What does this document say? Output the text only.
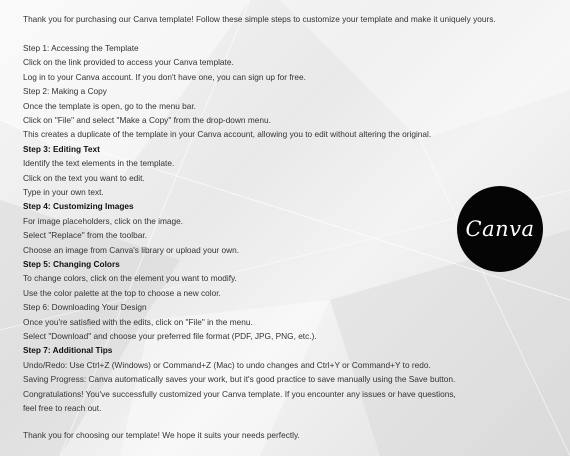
Thank you for purchasing our Canva template! Follow these simple steps to customize your template and make it uniquely yours.
Step 1: Accessing the Template
Click on the link provided to access your Canva template.
Log in to your Canva account. If you don't have one, you can sign up for free.
Step 2: Making a Copy
Once the template is open, go to the menu bar.
Click on "File" and select "Make a Copy" from the drop-down menu.
This creates a duplicate of the template in your Canva account, allowing you to edit without altering the original.
Step 3: Editing Text
Identify the text elements in the template.
Click on the text you want to edit.
Type in your own text.
Step 4: Customizing Images
For image placeholders, click on the image.
Select "Replace" from the toolbar.
Choose an image from Canva's library or upload your own.
Step 5: Changing Colors
To change colors, click on the element you want to modify.
Use the color palette at the top to choose a new color.
Step 6: Downloading Your Design
Once you're satisfied with the edits, click on "File" in the menu.
Select "Download" and choose your preferred file format (PDF, JPG, PNG, etc.).
Step 7: Additional Tips
Undo/Redo: Use Ctrl+Z (Windows) or Command+Z (Mac) to undo changes and Ctrl+Y or Command+Y to redo.
Saving Progress: Canva automatically saves your work, but it's good practice to save manually using the Save button.
Congratulations! You've successfully customized your Canva template. If you encounter any issues or have questions,
feel free to reach out.
Thank you for choosing our template! We hope it suits your needs perfectly.
Canva
